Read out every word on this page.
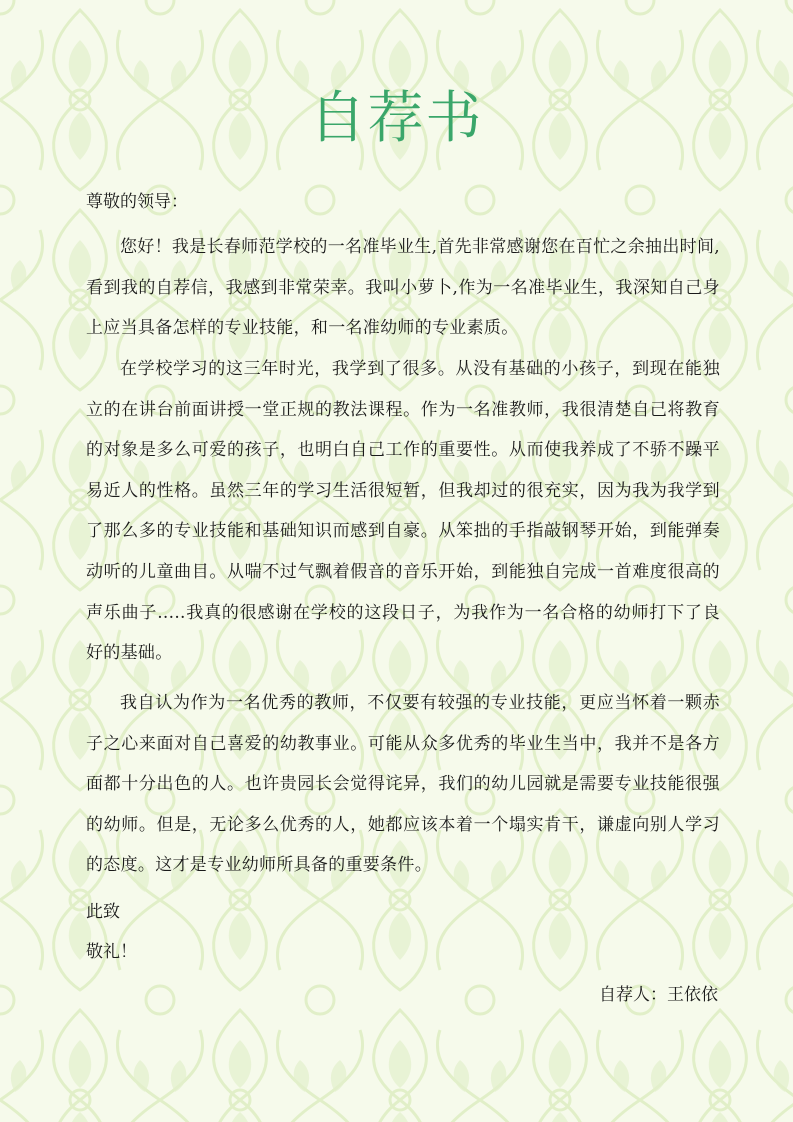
自荐书

尊敬的领导：

您好！我是长春师范学校的一名准毕业生,首先非常感谢您在百忙之余抽出时间,看到我的自荐信，我感到非常荣幸。我叫小萝卜,作为一名准毕业生，我深知自己身上应当具备怎样的专业技能，和一名准幼师的专业素质。

在学校学习的这三年时光，我学到了很多。从没有基础的小孩子，到现在能独立的在讲台前面讲授一堂正规的教法课程。作为一名准教师，我很清楚自己将教育的对象是多么可爱的孩子，也明白自己工作的重要性。从而使我养成了不骄不躁平易近人的性格。虽然三年的学习生活很短暂，但我却过的很充实，因为我为我学到了那么多的专业技能和基础知识而感到自豪。从笨拙的手指敲钢琴开始，到能弹奏动听的儿童曲目。从喘不过气飘着假音的音乐开始，到能独自完成一首难度很高的声乐曲子.....我真的很感谢在学校的这段日子，为我作为一名合格的幼师打下了良好的基础。

我自认为作为一名优秀的教师，不仅要有较强的专业技能，更应当怀着一颗赤子之心来面对自己喜爱的幼教事业。可能从众多优秀的毕业生当中，我并不是各方面都十分出色的人。也许贵园长会觉得诧异，我们的幼儿园就是需要专业技能很强的幼师。但是，无论多么优秀的人，她都应该本着一个塌实肯干，谦虚向别人学习的态度。这才是专业幼师所具备的重要条件。

此致

敬礼！

自荐人：王依依
